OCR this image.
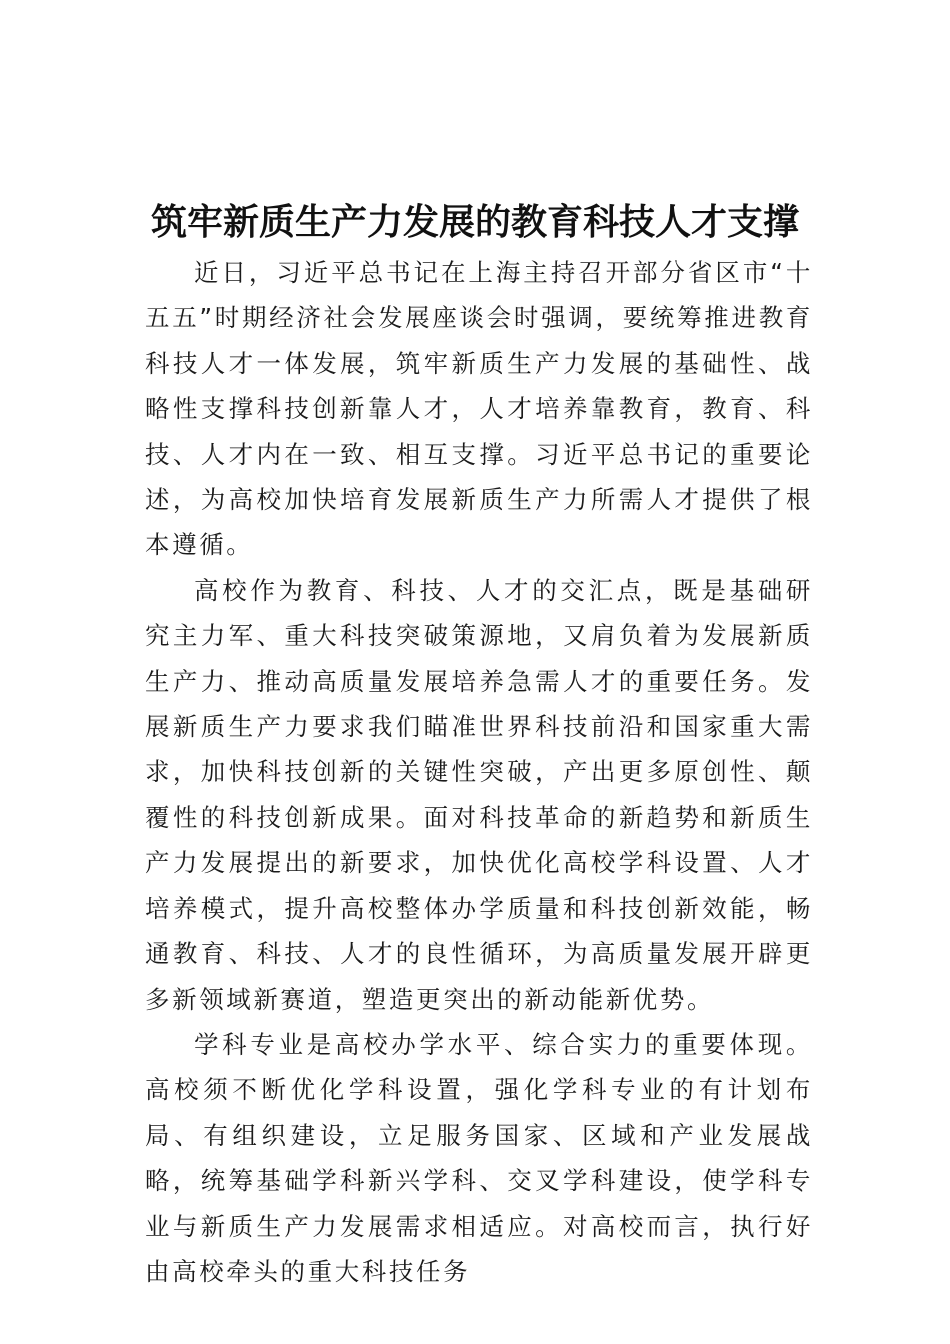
筑牢新质生产力发展的教育科技人才支撑

近日，习近平总书记在上海主持召开部分省区市“十五五”时期经济社会发展座谈会时强调，要统筹推进教育科技人才一体发展，筑牢新质生产力发展的基础性、战略性支撑科技创新靠人才，人才培养靠教育，教育、科技、人才内在一致、相互支撑。习近平总书记的重要论述，为高校加快培育发展新质生产力所需人才提供了根本遵循。

高校作为教育、科技、人才的交汇点，既是基础研究主力军、重大科技突破策源地，又肩负着为发展新质生产力、推动高质量发展培养急需人才的重要任务。发展新质生产力要求我们瞄准世界科技前沿和国家重大需求，加快科技创新的关键性突破，产出更多原创性、颠覆性的科技创新成果。面对科技革命的新趋势和新质生产力发展提出的新要求，加快优化高校学科设置、人才培养模式，提升高校整体办学质量和科技创新效能，畅通教育、科技、人才的良性循环，为高质量发展开辟更多新领域新赛道，塑造更突出的新动能新优势。

学科专业是高校办学水平、综合实力的重要体现。高校须不断优化学科设置，强化学科专业的有计划布局、有组织建设，立足服务国家、区域和产业发展战略，统筹基础学科新兴学科、交叉学科建设，使学科专业与新质生产力发展需求相适应。对高校而言，执行好由高校牵头的重大科技任务
